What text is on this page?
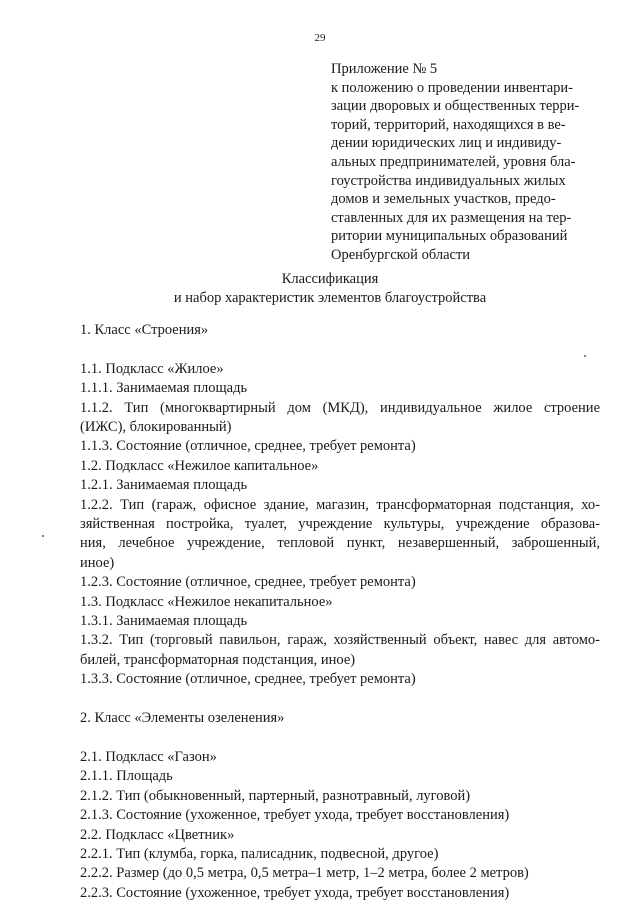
29
Приложение № 5
к положению о проведении инвентари-
зации дворовых и общественных терри-
торий, территорий, находящихся в ве-
дении юридических лиц и индивиду-
альных предпринимателей, уровня бла-
гоустройства индивидуальных жилых
домов и земельных участков, предо-
ставленных для их размещения на тер-
ритории муниципальных образований
Оренбургской области
Классификация
и набор характеристик элементов благоустройства
1. Класс «Строения»
1.1. Подкласс «Жилое»
1.1.1. Занимаемая площадь
1.1.2. Тип (многоквартирный дом (МКД), индивидуальное жилое строение
(ИЖС), блокированный)
1.1.3. Состояние (отличное, среднее, требует ремонта)
1.2. Подкласс «Нежилое капитальное»
1.2.1. Занимаемая площадь
1.2.2. Тип (гараж, офисное здание, магазин, трансформаторная подстанция, хо-
зяйственная постройка, туалет, учреждение культуры, учреждение образова-
ния, лечебное учреждение, тепловой пункт, незавершенный, заброшенный,
иное)
1.2.3. Состояние (отличное, среднее, требует ремонта)
1.3. Подкласс «Нежилое некапитальное»
1.3.1. Занимаемая площадь
1.3.2. Тип (торговый павильон, гараж, хозяйственный объект, навес для автомо-
билей, трансформаторная подстанция, иное)
1.3.3. Состояние (отличное, среднее, требует ремонта)
2. Класс «Элементы озеленения»
2.1. Подкласс «Газон»
2.1.1. Площадь
2.1.2. Тип (обыкновенный, партерный, разнотравный, луговой)
2.1.3. Состояние (ухоженное, требует ухода, требует восстановления)
2.2. Подкласс «Цветник»
2.2.1. Тип (клумба, горка, палисадник, подвесной, другое)
2.2.2. Размер (до 0,5 метра, 0,5 метра–1 метр, 1–2 метра, более 2 метров)
2.2.3. Состояние (ухоженное, требует ухода, требует восстановления)
